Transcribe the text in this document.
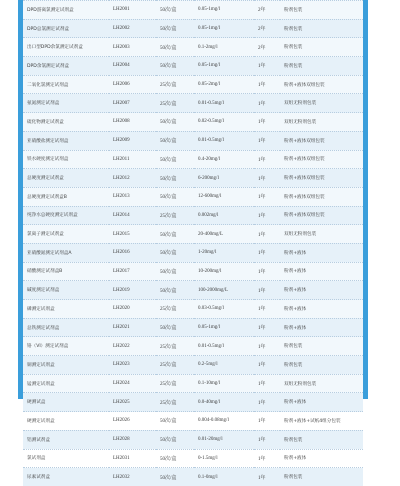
DPD游离氯测定试剂盒	LH2001	50次/盒	0.05-1mg/l	2年	粉剂包装
DPD总氯测定试剂盒	LH2002	50次/盒	0.05-1mg/l	2年	粉剂包装
出口型DPD余氯测定试剂盒	LH2003	50次/盒	0.1-2mg/l	2年	粉剂包装
DPD余氯测定试剂盒	LH2004	50次/盒	0.05-1mg/l	1年	粉剂包装
二氧化氯测定试剂盒	LH2006	25次/盒	0.05-2mg/l	1年	粉剂+液体双组包装
氨氮测定试剂盒	LH2007	25次/盒	0.01-0.5mg/l	1年	双组无粉剂包装
硫化物测定试剂盒	LH2008	50次/盒	0.02-0.5mg/l	1年	双组无粉剂包装
亚硝酸盐测定试剂盒	LH2009	50次/盒	0.01-0.5mg/l	1年	粉剂+液体双组包装
铁水硬度测定试剂盒	LH2011	50次/盒	0.4-20mg/l	1年	粉剂+液体双组包装
总硬度测定试剂盒	LH2012	50次/盒	6-200mg/l	1年	粉剂+液体双组包装
总硬度测定试剂盒B	LH2013	50次/盒	12-600mg/l	1年	粉剂+液体双组包装
纯净水总硬度测定试剂盒	LH2014	25次/盒	0.002mg/l	1年	粉剂+液体双组包装
氯离子测定试剂盒	LH2015	50次/盒	20-400mg/L	1年	双组无粉剂包装
亚硝酸氮测定试剂盒A	LH2016	50次/盒	1-20mg/l	1年	粉剂+液体
硝酸测定试剂盒B	LH2017	50次/盒	10-200mg/l	1年	粉剂+液体
碱度测定试剂盒	LH2019	50次/盒	100-2000mg/L	1年	粉剂+液体
磷测定试剂盒	LH2020	25次/盒	0.03-0.5mg/l	1年	粉剂+液体
总铁测定试剂盒	LH2021	50次/盒	0.05-1mg/l	1年	粉剂+液体
铬（VI）测定试剂盒	LH2022	25次/盒	0.01-0.5mg/l	1年	粉剂包装
铜测定试剂盒	LH2023	25次/盒	0.2-5mg/l	1年	粉剂包装
锰测定试剂盒	LH2024	25次/盒	0.1-10mg/l	1年	双组无粉剂包装
硬测试盒	LH2025	25次/盒	0.0-40mg/l	1年	粉剂+液体
硬测定试剂盒	LH2026	50次/盒	0.004-0.08mg/l	1年	粉剂+液体+试纸4组分包装
铝测试剂盒	LH2028	50次/盒	0.01-20mg/l	1年	粉剂包装
氯试剂盒	LH2031	50次/盒	0-1.5mg/l	1年	粉剂+液体
尿素试剂盒	LH2032	50次/盒	0.1-0mg/l	1年	粉剂包装
